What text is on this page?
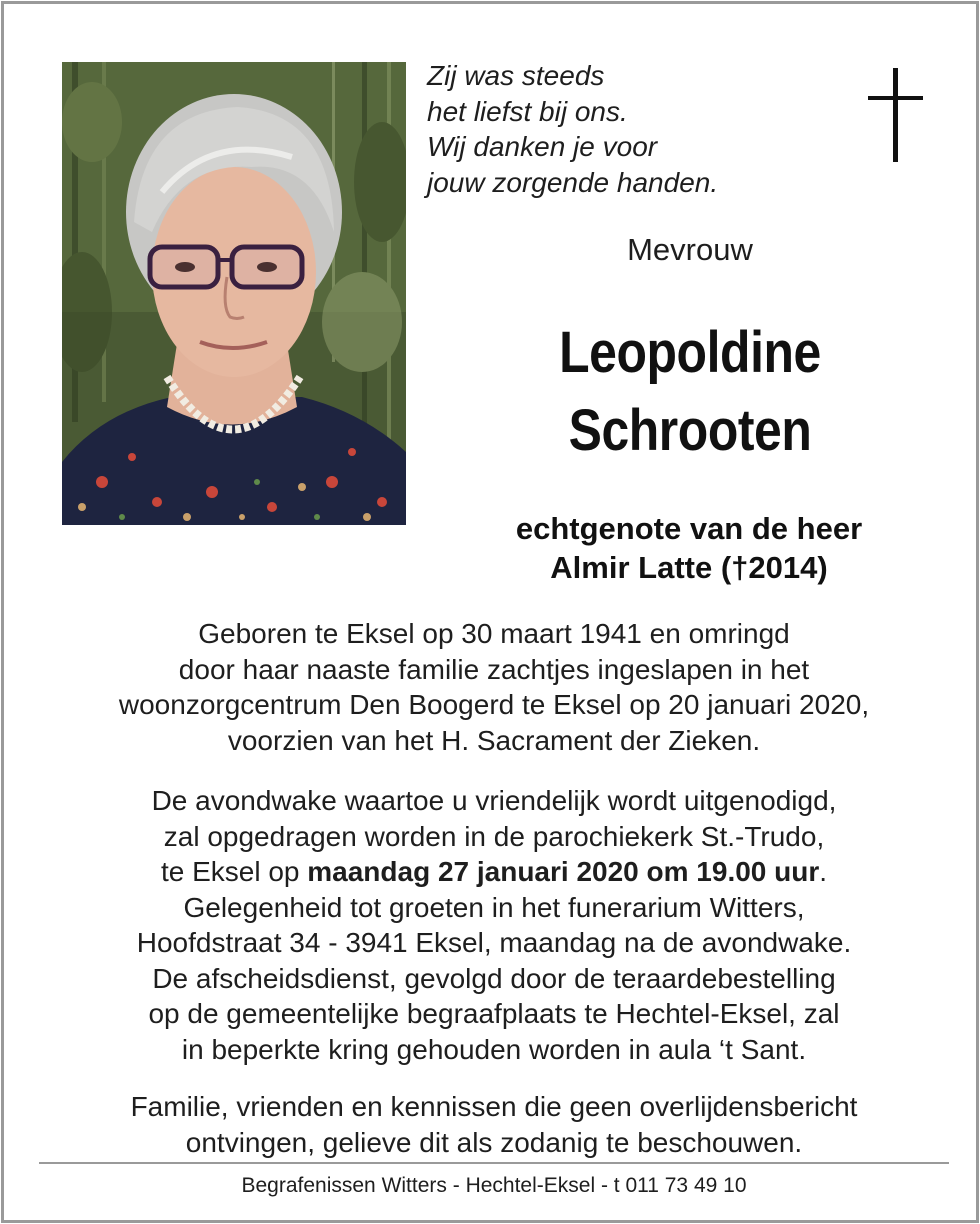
Zij was steeds
het liefst bij ons.
Wij danken je voor
jouw zorgende handen.
Mevrouw
Leopoldine
Schrooten
echtgenote van de heer
Almir Latte (†2014)
Geboren te Eksel op 30 maart 1941 en omringd
door haar naaste familie zachtjes ingeslapen in het
woonzorgcentrum Den Boogerd te Eksel op 20 januari 2020,
voorzien van het H. Sacrament der Zieken.
De avondwake waartoe u vriendelijk wordt uitgenodigd,
zal opgedragen worden in de parochiekerk St.-Trudo,
te Eksel op maandag 27 januari 2020 om 19.00 uur.
Gelegenheid tot groeten in het funerarium Witters,
Hoofdstraat 34 - 3941 Eksel, maandag na de avondwake.
De afscheidsdienst, gevolgd door de teraardebestelling
op de gemeentelijke begraafplaats te Hechtel-Eksel, zal
in beperkte kring gehouden worden in aula ‘t Sant.
Familie, vrienden en kennissen die geen overlijdensbericht
ontvingen, gelieve dit als zodanig te beschouwen.
Begrafenissen Witters - Hechtel-Eksel - t 011 73 49 10
